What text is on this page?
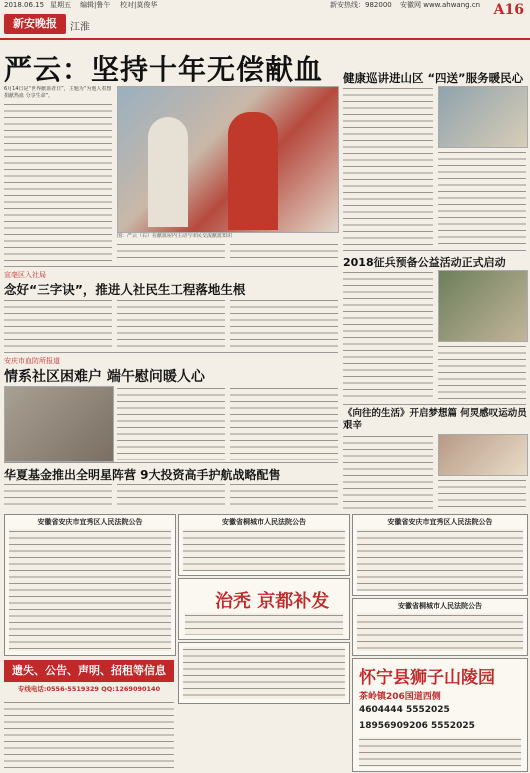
2018.06.15 星期五 编辑|鲁午 校对|莫俊华	新安热线：982000 安徽网 www.ahwang.cn A16
新安晚报	江淮
严云：坚持十年无偿献血
6月14日是“世界献血者日”，主题为“为他人着想 捐献热血 分享生命”。
图：严云（右）在献血屋内主动与市民交流献血知识
宣亳区入社局
念好“三字诀”，推进人社民生工程落地生根
安庆市血防所报道
情系社区困难户 端午慰问暖人心
华夏基金推出全明星阵营 9大投资高手护航战略配售
健康巡讲进山区 “四送”服务暖民心
2018征兵预备公益活动正式启动
《向往的生活》开启梦想篇 何炅感叹运动员艰辛
安徽省安庆市宜秀区人民法院公告	安徽省桐城市人民法院公告	安徽省安庆市宜秀区人民法院公告
治秃 京都补发	安徽省桐城市人民法院公告
遗失、公告、声明、招租等信息
专线电话:0556-5519329 QQ:1269090140
怀宁县狮子山陵园
茶岭镇206国道西侧
4604444 5552025
18956909206 5552025
